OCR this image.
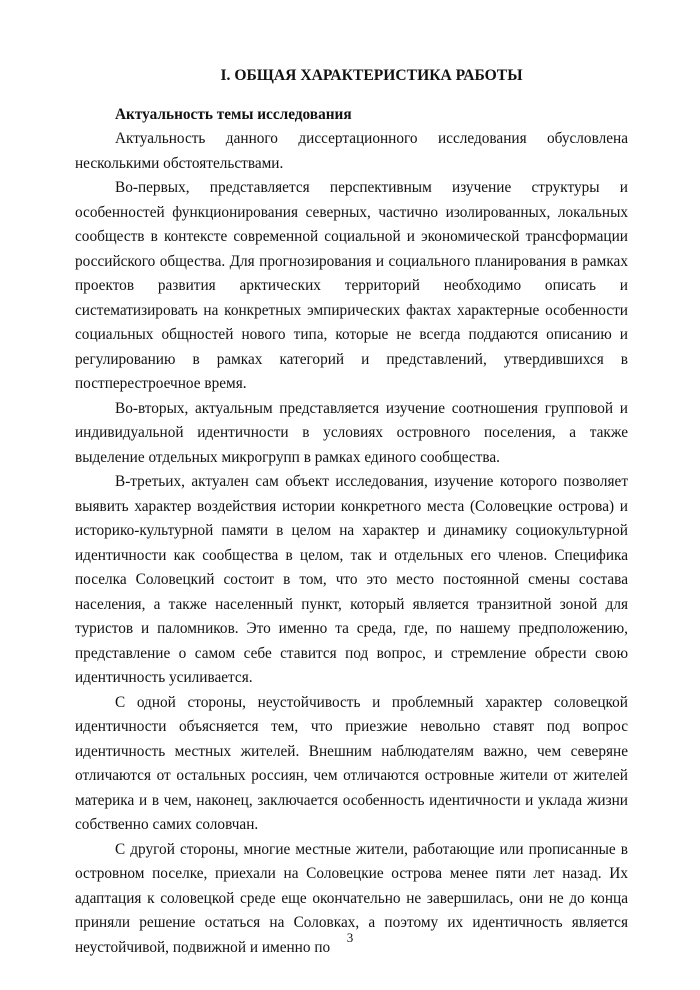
I. ОБЩАЯ ХАРАКТЕРИСТИКА РАБОТЫ
Актуальность темы исследования

Актуальность данного диссертационного исследования обусловлена несколькими обстоятельствами.

Во-первых, представляется перспективным изучение структуры и особенностей функционирования северных, частично изолированных, локальных сообществ в контексте современной социальной и экономической трансформации российского общества. Для прогнозирования и социального планирования в рамках проектов развития арктических территорий необходимо описать и систематизировать на конкретных эмпирических фактах характерные особенности социальных общностей нового типа, которые не всегда поддаются описанию и регулированию в рамках категорий и представлений, утвердившихся в постперестроечное время.

Во-вторых, актуальным представляется изучение соотношения групповой и индивидуальной идентичности в условиях островного поселения, а также выделение отдельных микрогрупп в рамках единого сообщества.

В-третьих, актуален сам объект исследования, изучение которого позволяет выявить характер воздействия истории конкретного места (Соловецкие острова) и историко-культурной памяти в целом на характер и динамику социокультурной идентичности как сообщества в целом, так и отдельных его членов. Специфика поселка Соловецкий состоит в том, что это место постоянной смены состава населения, а также населенный пункт, который является транзитной зоной для туристов и паломников. Это именно та среда, где, по нашему предположению, представление о самом себе ставится под вопрос, и стремление обрести свою идентичность усиливается.

С одной стороны, неустойчивость и проблемный характер соловецкой идентичности объясняется тем, что приезжие невольно ставят под вопрос идентичность местных жителей. Внешним наблюдателям важно, чем северяне отличаются от остальных россиян, чем отличаются островные жители от жителей материка и в чем, наконец, заключается особенность идентичности и уклада жизни собственно самих соловчан.

С другой стороны, многие местные жители, работающие или прописанные в островном поселке, приехали на Соловецкие острова менее пяти лет назад. Их адаптация к соловецкой среде еще окончательно не завершилась, они не до конца приняли решение остаться на Соловках, а поэтому их идентичность является неустойчивой, подвижной и именно по

3
